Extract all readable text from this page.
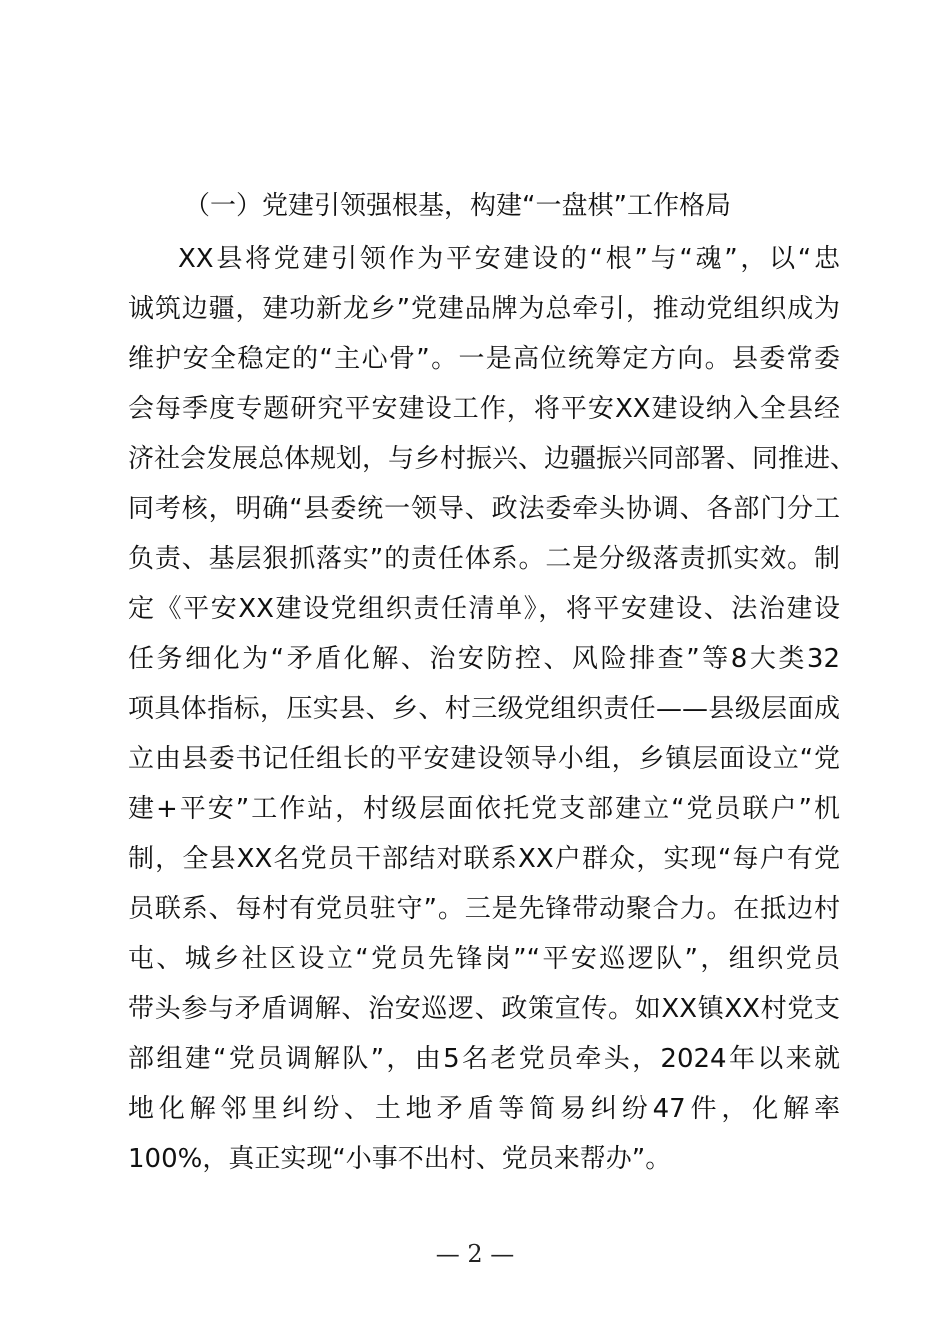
（一）党建引领强根基，构建“一盘棋”工作格局
XX县将党建引领作为平安建设的“根”与“魂”，以“忠
诚筑边疆，建功新龙乡”党建品牌为总牵引，推动党组织成为
维护安全稳定的“主心骨”。一是高位统筹定方向。县委常委
会每季度专题研究平安建设工作，将平安XX建设纳入全县经
济社会发展总体规划，与乡村振兴、边疆振兴同部署、同推进、
同考核，明确“县委统一领导、政法委牵头协调、各部门分工
负责、基层狠抓落实”的责任体系。二是分级落责抓实效。制
定《平安XX建设党组织责任清单》，将平安建设、法治建设
任务细化为“矛盾化解、治安防控、风险排查”等8大类32
项具体指标，压实县、乡、村三级党组织责任——县级层面成
立由县委书记任组长的平安建设领导小组，乡镇层面设立“党
建+平安”工作站，村级层面依托党支部建立“党员联户”机
制，全县XX名党员干部结对联系XX户群众，实现“每户有党
员联系、每村有党员驻守”。三是先锋带动聚合力。在抵边村
屯、城乡社区设立“党员先锋岗”“平安巡逻队”，组织党员
带头参与矛盾调解、治安巡逻、政策宣传。如XX镇XX村党支
部组建“党员调解队”，由5名老党员牵头，2024年以来就
地化解邻里纠纷、土地矛盾等简易纠纷47件，化解率
100%，真正实现“小事不出村、党员来帮办”。
— 2 —
